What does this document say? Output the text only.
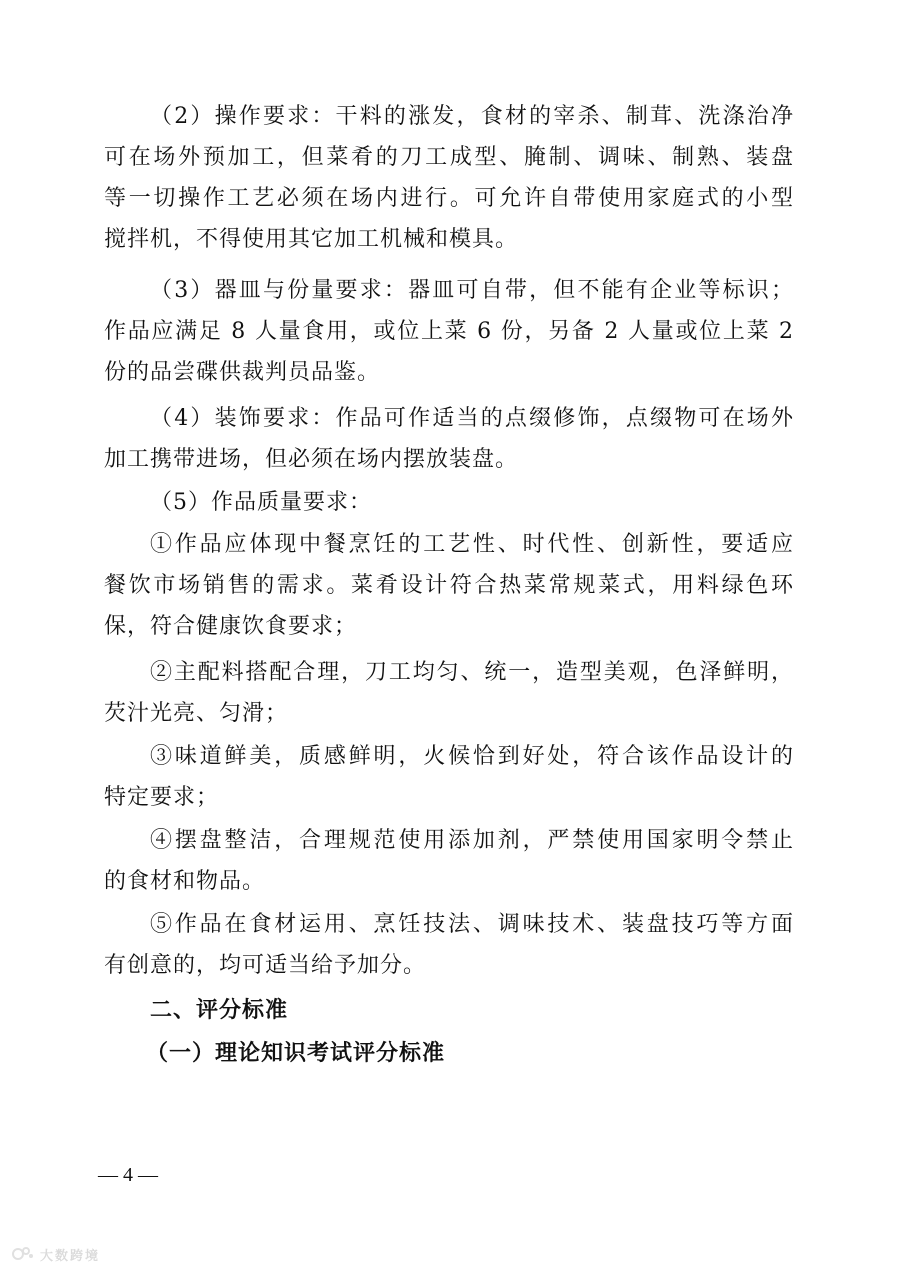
（2）操作要求：干料的涨发，食材的宰杀、制茸、洗涤治净
可在场外预加工，但菜肴的刀工成型、腌制、调味、制熟、装盘
等一切操作工艺必须在场内进行。可允许自带使用家庭式的小型
搅拌机，不得使用其它加工机械和模具。
（3）器皿与份量要求：器皿可自带，但不能有企业等标识；
作品应满足 8 人量食用，或位上菜 6 份，另备 2 人量或位上菜 2
份的品尝碟供裁判员品鉴。
（4）装饰要求：作品可作适当的点缀修饰，点缀物可在场外
加工携带进场，但必须在场内摆放装盘。
（5）作品质量要求：
①作品应体现中餐烹饪的工艺性、时代性、创新性，要适应
餐饮市场销售的需求。菜肴设计符合热菜常规菜式，用料绿色环
保，符合健康饮食要求；
②主配料搭配合理，刀工均匀、统一，造型美观，色泽鲜明，
芡汁光亮、匀滑；
③味道鲜美，质感鲜明，火候恰到好处，符合该作品设计的
特定要求；
④摆盘整洁，合理规范使用添加剂，严禁使用国家明令禁止
的食材和物品。
⑤作品在食材运用、烹饪技法、调味技术、装盘技巧等方面
有创意的，均可适当给予加分。
二、评分标准
（一）理论知识考试评分标准
— 4 —
大数跨境
